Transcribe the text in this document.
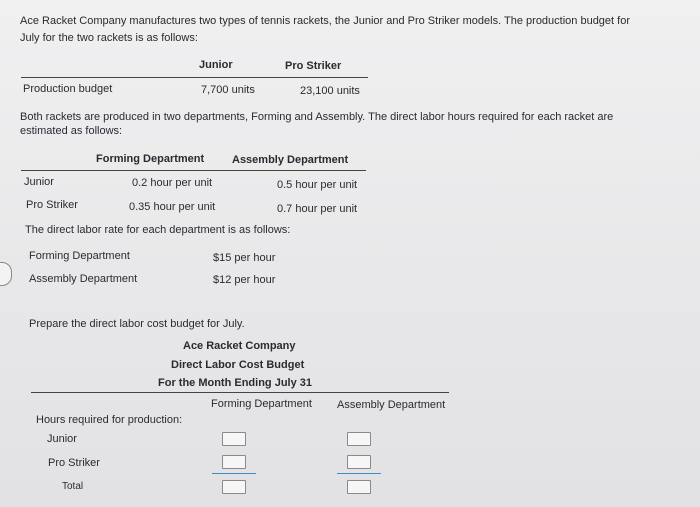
Ace Racket Company manufactures two types of tennis rackets, the Junior and Pro Striker models. The production budget for
July for the two rackets is as follows:
Junior	Pro Striker
Production budget	7,700 units	23,100 units
Both rackets are produced in two departments, Forming and Assembly. The direct labor hours required for each racket are
estimated as follows:
Forming Department	Assembly Department
Junior	0.2 hour per unit	0.5 hour per unit
Pro Striker	0.35 hour per unit	0.7 hour per unit
The direct labor rate for each department is as follows:
Forming Department	$15 per hour
Assembly Department	$12 per hour
Prepare the direct labor cost budget for July.
Ace Racket Company
Direct Labor Cost Budget
For the Month Ending July 31
Forming Department Assembly Department
Hours required for production:
Junior
Pro Striker
Total
